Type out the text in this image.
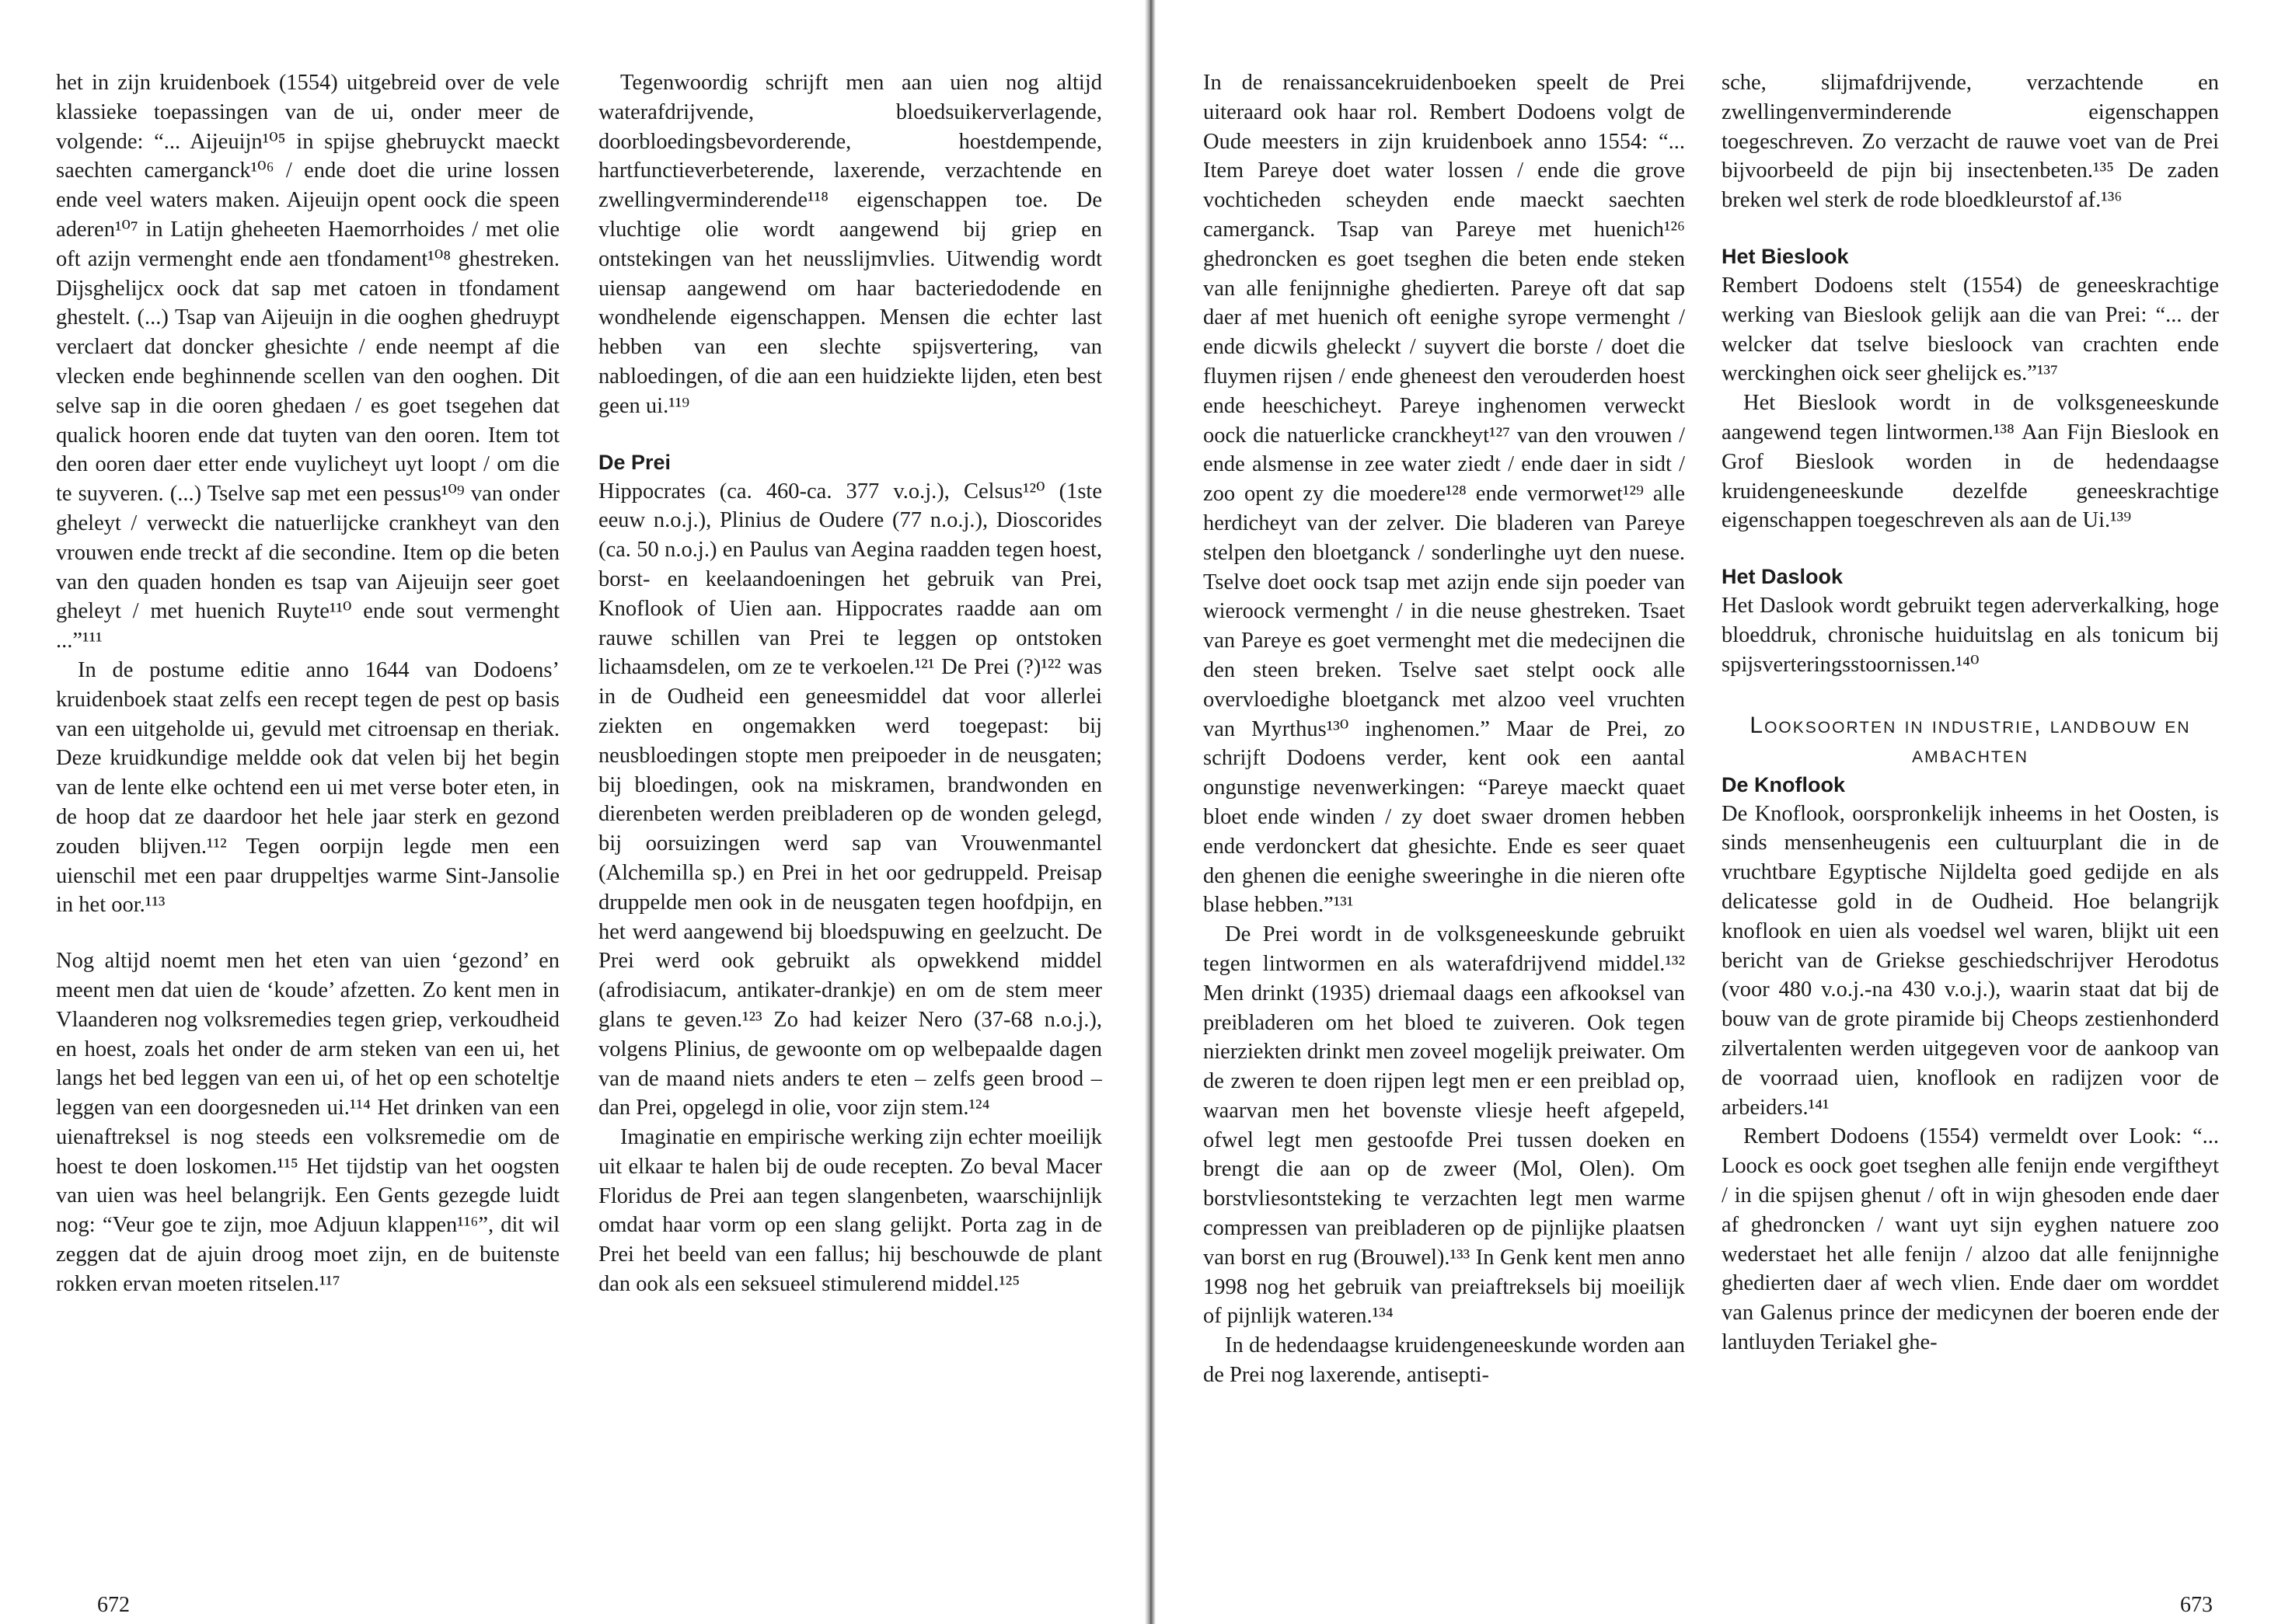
het in zijn kruidenboek (1554) uitgebreid over de vele klassieke toepassingen van de ui, onder meer de volgende: “... Aijeuijn¹⁰⁵ in spijse ghebruyckt maeckt saechten camerganck¹⁰⁶ / ende doet die urine lossen ende veel waters maken. Aijeuijn opent oock die speen aderen¹⁰⁷ in Latijn gheheeten Haemorrhoides / met olie oft azijn vermenght ende aen tfondament¹⁰⁸ ghestreken. Dijsghelijcx oock dat sap met catoen in tfondament ghestelt. (...) Tsap van Aijeuijn in die ooghen ghedruypt verclaert dat doncker ghesichte / ende neempt af die vlecken ende beghinnende scellen van den ooghen. Dit selve sap in die ooren ghedaen / es goet tsegehen dat qualick hooren ende dat tuyten van den ooren. Item tot den ooren daer etter ende vuylicheyt uyt loopt / om die te suyveren. (...) Tselve sap met een pessus¹⁰⁹ van onder gheleyt / verweckt die natuerlijcke crankheyt van den vrouwen ende treckt af die secondine. Item op die beten van den quaden honden es tsap van Aijeuijn seer goet gheleyt / met huenich Ruyte¹¹⁰ ende sout vermenght ...”¹¹¹

In de postume editie anno 1644 van Dodoens’ kruidenboek staat zelfs een recept tegen de pest op basis van een uitgeholde ui, gevuld met citroensap en theriak. Deze kruidkundige meldde ook dat velen bij het begin van de lente elke ochtend een ui met verse boter eten, in de hoop dat ze daardoor het hele jaar sterk en gezond zouden blijven.¹¹² Tegen oorpijn legde men een uienschil met een paar druppeltjes warme Sint-Jansolie in het oor.¹¹³

Nog altijd noemt men het eten van uien ‘gezond’ en meent men dat uien de ‘koude’ afzetten. Zo kent men in Vlaanderen nog volksremedies tegen griep, verkoudheid en hoest, zoals het onder de arm steken van een ui, het langs het bed leggen van een ui, of het op een schoteltje leggen van een doorgesneden ui.¹¹⁴ Het drinken van een uienaftreksel is nog steeds een volksremedie om de hoest te doen loskomen.¹¹⁵ Het tijdstip van het oogsten van uien was heel belangrijk. Een Gents gezegde luidt nog: “Veur goe te zijn, moe Adjuun klappen¹¹⁶”, dit wil zeggen dat de ajuin droog moet zijn, en de buitenste rokken ervan moeten ritselen.¹¹⁷

Tegenwoordig schrijft men aan uien nog altijd waterafdrijvende, bloedsuikerverlagende, doorbloedingsbevorderende, hoestdempende, hartfunctieverbeterende, laxerende, verzachtende en zwellingverminderende¹¹⁸ eigenschappen toe. De vluchtige olie wordt aangewend bij griep en ontstekingen van het neusslijmvlies. Uitwendig wordt uiensap aangewend om haar bacteriedodende en wondhelende eigenschappen. Mensen die echter last hebben van een slechte spijsvertering, van nabloedingen, of die aan een huidziekte lijden, eten best geen ui.¹¹⁹

De Prei

Hippocrates (ca. 460-ca. 377 v.o.j.), Celsus¹²⁰ (1ste eeuw n.o.j.), Plinius de Oudere (77 n.o.j.), Dioscorides (ca. 50 n.o.j.) en Paulus van Aegina raadden tegen hoest, borst- en keelaandoeningen het gebruik van Prei, Knoflook of Uien aan. Hippocrates raadde aan om rauwe schillen van Prei te leggen op ontstoken lichaamsdelen, om ze te verkoelen.¹²¹ De Prei (?)¹²² was in de Oudheid een geneesmiddel dat voor allerlei ziekten en ongemakken werd toegepast: bij neusbloedingen stopte men preipoeder in de neusgaten; bij bloedingen, ook na miskramen, brandwonden en dierenbeten werden preibladeren op de wonden gelegd, bij oorsuizingen werd sap van Vrouwenmantel (Alchemilla sp.) en Prei in het oor gedruppeld. Preisap druppelde men ook in de neusgaten tegen hoofdpijn, en het werd aangewend bij bloedspuwing en geelzucht. De Prei werd ook gebruikt als opwekkend middel (afrodisiacum, antikater-drankje) en om de stem meer glans te geven.¹²³ Zo had keizer Nero (37-68 n.o.j.), volgens Plinius, de gewoonte om op welbepaalde dagen van de maand niets anders te eten – zelfs geen brood – dan Prei, opgelegd in olie, voor zijn stem.¹²⁴

Imaginatie en empirische werking zijn echter moeilijk uit elkaar te halen bij de oude recepten. Zo beval Macer Floridus de Prei aan tegen slangenbeten, waarschijnlijk omdat haar vorm op een slang gelijkt. Porta zag in de Prei het beeld van een fallus; hij beschouwde de plant dan ook als een seksueel stimulerend middel.¹²⁵

672

In de renaissancekruidenboeken speelt de Prei uiteraard ook haar rol. Rembert Dodoens volgt de Oude meesters in zijn kruidenboek anno 1554: “... Item Pareye doet water lossen / ende die grove vochticheden scheyden ende maeckt saechten camerganck. Tsap van Pareye met huenich¹²⁶ ghedroncken es goet tseghen die beten ende steken van alle fenijnnighe ghedierten. Pareye oft dat sap daer af met huenich oft eenighe syrope vermenght / ende dicwils gheleckt / suyvert die borste / doet die fluymen rijsen / ende gheneest den verouderden hoest ende heeschicheyt. Pareye inghenomen verweckt oock die natuerlicke cranckheyt¹²⁷ van den vrouwen / ende alsmense in zee water ziedt / ende daer in sidt / zoo opent zy die moedere¹²⁸ ende vermorwet¹²⁹ alle herdicheyt van der zelver. Die bladeren van Pareye stelpen den bloetganck / sonderlinghe uyt den nuese. Tselve doet oock tsap met azijn ende sijn poeder van wieroock vermenght / in die neuse ghestreken. Tsaet van Pareye es goet vermenght met die medecijnen die den steen breken. Tselve saet stelpt oock alle overvloedighe bloetganck met alzoo veel vruchten van Myrthus¹³⁰ inghenomen.” Maar de Prei, zo schrijft Dodoens verder, kent ook een aantal ongunstige nevenwerkingen: “Pareye maeckt quaet bloet ende winden / zy doet swaer dromen hebben ende verdonckert dat ghesichte. Ende es seer quaet den ghenen die eenighe sweeringhe in die nieren ofte blase hebben.”¹³¹

De Prei wordt in de volksgeneeskunde gebruikt tegen lintwormen en als waterafdrijvend middel.¹³² Men drinkt (1935) driemaal daags een afkooksel van preibladeren om het bloed te zuiveren. Ook tegen nierziekten drinkt men zoveel mogelijk preiwater. Om de zweren te doen rijpen legt men er een preiblad op, waarvan men het bovenste vliesje heeft afgepeld, ofwel legt men gestoofde Prei tussen doeken en brengt die aan op de zweer (Mol, Olen). Om borstvliesontsteking te verzachten legt men warme compressen van preibladeren op de pijnlijke plaatsen van borst en rug (Brouwel).¹³³ In Genk kent men anno 1998 nog het gebruik van preiaftreksels bij moeilijk of pijnlijk wateren.¹³⁴

In de hedendaagse kruidengeneeskunde worden aan de Prei nog laxerende, antisepti-

sche, slijmafdrijvende, verzachtende en zwellingenverminderende eigenschappen toegeschreven. Zo verzacht de rauwe voet van de Prei bijvoorbeeld de pijn bij insectenbeten.¹³⁵ De zaden breken wel sterk de rode bloedkleurstof af.¹³⁶

Het Bieslook

Rembert Dodoens stelt (1554) de geneeskrachtige werking van Bieslook gelijk aan die van Prei: “... der welcker dat tselve biesloock van crachten ende werckinghen oick seer ghelijck es.”¹³⁷

Het Bieslook wordt in de volksgeneeskunde aangewend tegen lintwormen.¹³⁸ Aan Fijn Bieslook en Grof Bieslook worden in de hedendaagse kruidengeneeskunde dezelfde geneeskrachtige eigenschappen toegeschreven als aan de Ui.¹³⁹

Het Daslook

Het Daslook wordt gebruikt tegen aderverkalking, hoge bloeddruk, chronische huiduitslag en als tonicum bij spijsverteringsstoornissen.¹⁴⁰

Looksoorten in industrie, landbouw en ambachten

De Knoflook

De Knoflook, oorspronkelijk inheems in het Oosten, is sinds mensenheugenis een cultuurplant die in de vruchtbare Egyptische Nijldelta goed gedijde en als delicatesse gold in de Oudheid. Hoe belangrijk knoflook en uien als voedsel wel waren, blijkt uit een bericht van de Griekse geschiedschrijver Herodotus (voor 480 v.o.j.-na 430 v.o.j.), waarin staat dat bij de bouw van de grote piramide bij Cheops zestienhonderd zilvertalenten werden uitgegeven voor de aankoop van de voorraad uien, knoflook en radijzen voor de arbeiders.¹⁴¹

Rembert Dodoens (1554) vermeldt over Look: “... Loock es oock goet tseghen alle fenijn ende vergiftheyt / in die spijsen ghenut / oft in wijn ghesoden ende daer af ghedroncken / want uyt sijn eyghen natuere zoo wederstaet het alle fenijn / alzoo dat alle fenijnnighe ghedierten daer af wech vlien. Ende daer om worddet van Galenus prince der medicynen der boeren ende der lantluyden Teriakel ghe-

673
